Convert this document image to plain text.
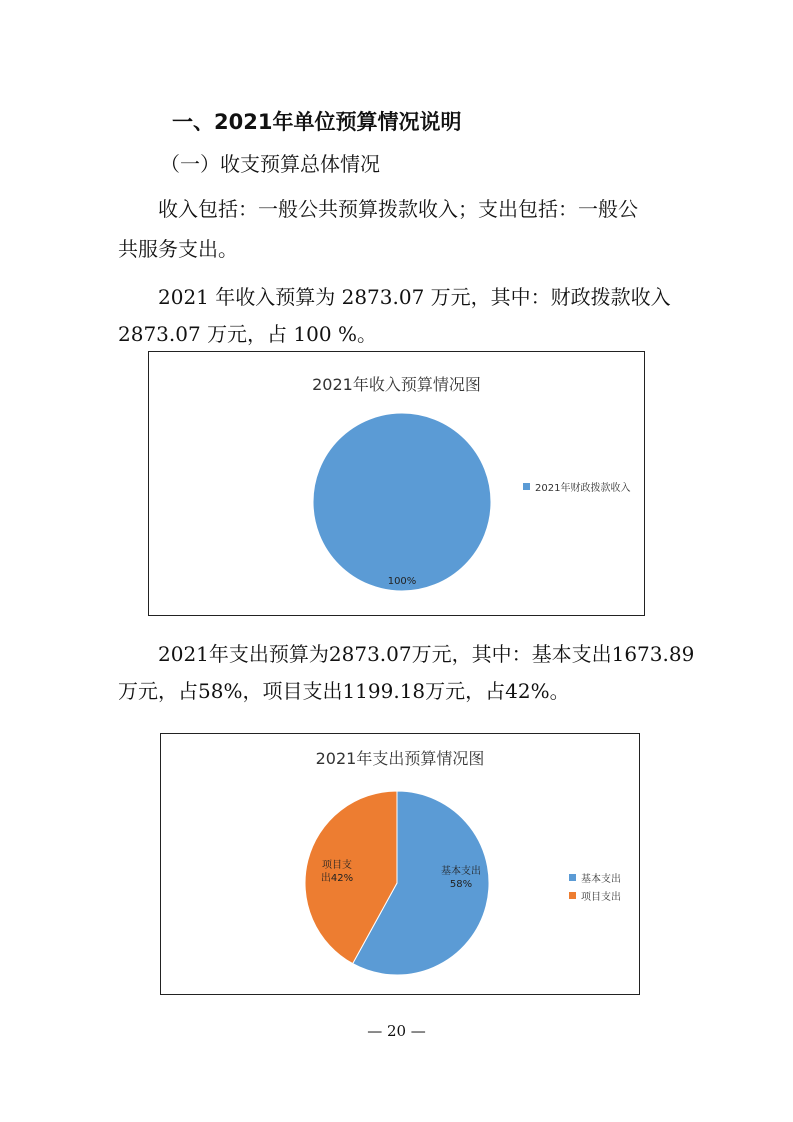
一、2021年单位预算情况说明
（一）收支预算总体情况
收入包括：一般公共预算拨款收入；支出包括：一般公
共服务支出。
2021 年收入预算为 2873.07 万元，其中：财政拨款收入
2873.07 万元，占 100 %。
2021年收入预算情况图
100%
2021年财政拨款收入
2021年支出预算为2873.07万元，其中：基本支出1673.89
万元，占58%，项目支出1199.18万元，占42%。
2021年支出预算情况图
基本支出 58%
项目支出42%	基本支出
项目支出
— 20 —
